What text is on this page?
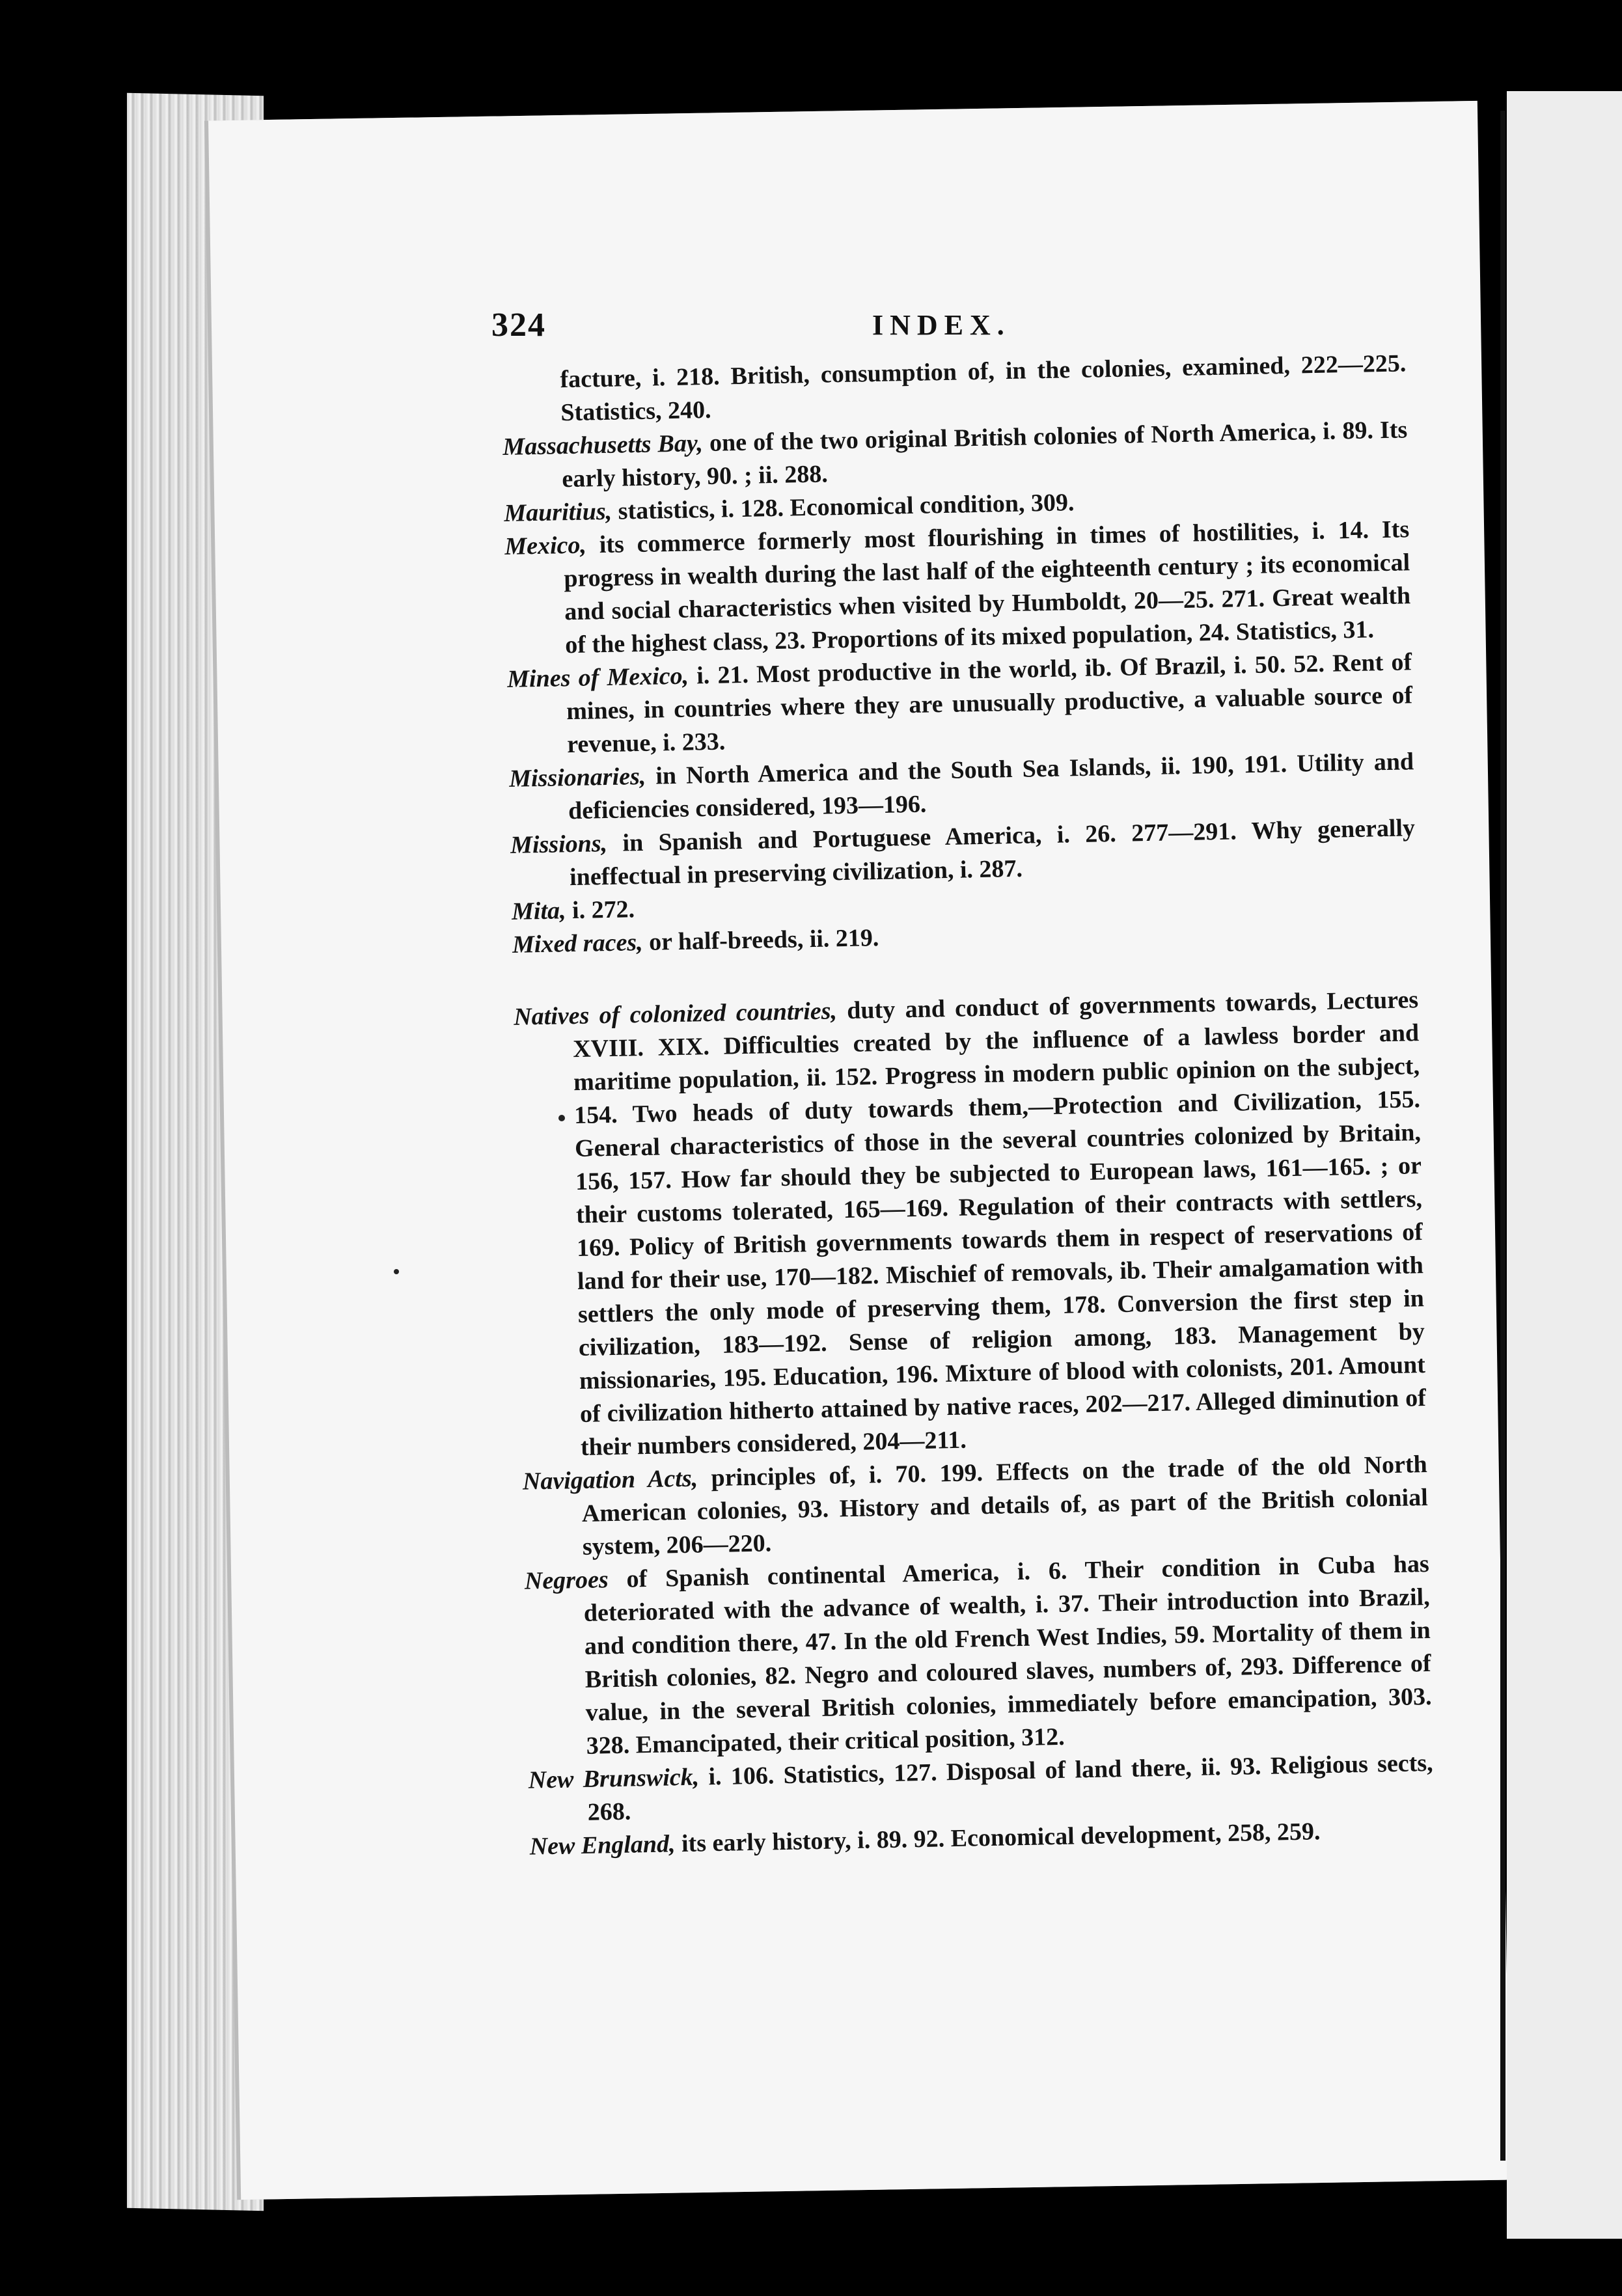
324	INDEX.

facture, i. 218. British, consumption of, in the colonies, examined, 222—225. Statistics, 240.

Massachusetts Bay, one of the two original British colonies of North America, i. 89. Its early history, 90. ; ii. 288.

Mauritius, statistics, i. 128. Economical condition, 309.

Mexico, its commerce formerly most flourishing in times of hostilities, i. 14. Its progress in wealth during the last half of the eighteenth century ; its economical and social characteristics when visited by Humboldt, 20—25. 271. Great wealth of the highest class, 23. Proportions of its mixed population, 24. Statistics, 31.

Mines of Mexico, i. 21. Most productive in the world, ib. Of Brazil, i. 50. 52. Rent of mines, in countries where they are unusually productive, a valuable source of revenue, i. 233.

Missionaries, in North America and the South Sea Islands, ii. 190, 191. Utility and deficiencies considered, 193—196.

Missions, in Spanish and Portuguese America, i. 26. 277—291. Why generally ineffectual in preserving civilization, i. 287.

Mita, i. 272.

Mixed races, or half-breeds, ii. 219.

Natives of colonized countries, duty and conduct of governments towards, Lectures XVIII. XIX. Difficulties created by the influence of a lawless border and maritime population, ii. 152. Progress in modern public opinion on the subject, 154. Two heads of duty towards them,—Protection and Civilization, 155. General characteristics of those in the several countries colonized by Britain, 156, 157. How far should they be subjected to European laws, 161—165. ; or their customs tolerated, 165—169. Regulation of their contracts with settlers, 169. Policy of British governments towards them in respect of reservations of land for their use, 170—182. Mischief of removals, ib. Their amalgamation with settlers the only mode of preserving them, 178. Conversion the first step in civilization, 183—192. Sense of religion among, 183. Management by missionaries, 195. Education, 196. Mixture of blood with colonists, 201. Amount of civilization hitherto attained by native races, 202—217. Alleged diminution of their numbers considered, 204—211.

Navigation Acts, principles of, i. 70. 199. Effects on the trade of the old North American colonies, 93. History and details of, as part of the British colonial system, 206—220.

Negroes of Spanish continental America, i. 6. Their condition in Cuba has deteriorated with the advance of wealth, i. 37. Their introduction into Brazil, and condition there, 47. In the old French West Indies, 59. Mortality of them in British colonies, 82. Negro and coloured slaves, numbers of, 293. Difference of value, in the several British colonies, immediately before emancipation, 303. 328. Emancipated, their critical position, 312.

New Brunswick, i. 106. Statistics, 127. Disposal of land there, ii. 93. Religious sects, 268.

New England, its early history, i. 89. 92. Economical development, 258, 259.
